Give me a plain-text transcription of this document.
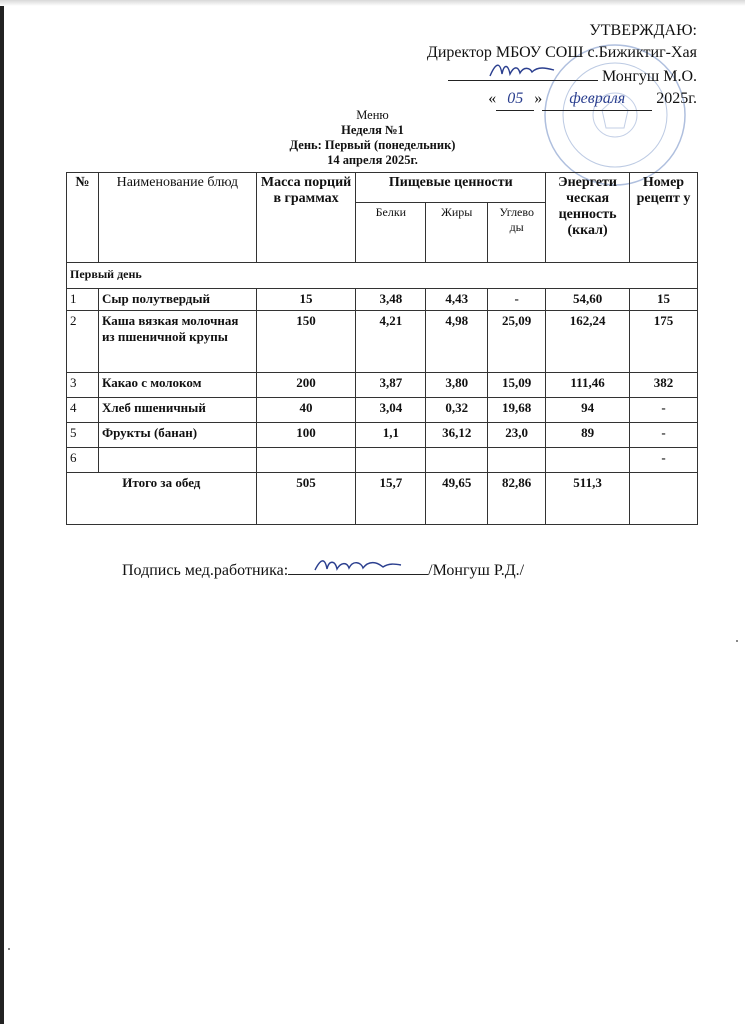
УТВЕРЖДАЮ:
Директор МБОУ СОШ с.Бижиктиг-Хая
Монгуш М.О.
« 05 » февраля 2025г.
Меню
Неделя №1
День: Первый (понедельник)
14 апреля 2025г.
№	Наименование блюд	Масса порций в граммах	Пищевые ценности			Энергети ческая ценность (ккал)	Номер рецепт у
			Белки	Жиры	Углево ды		
Первый день							
1	Сыр полутвердый	15	3,48	4,43	-	54,60	15
2	Каша вязкая молочная из пшеничной крупы	150	4,21	4,98	25,09	162,24	175
3	Какао с молоком	200	3,87	3,80	15,09	111,46	382
4	Хлеб пшеничный	40	3,04	0,32	19,68	94	-
5	Фрукты (банан)	100	1,1	36,12	23,0	89	-
6							-
Итого за обед		505	15,7	49,65	82,86	511,3	
Подпись мед.работника:	/Монгуш Р.Д./
